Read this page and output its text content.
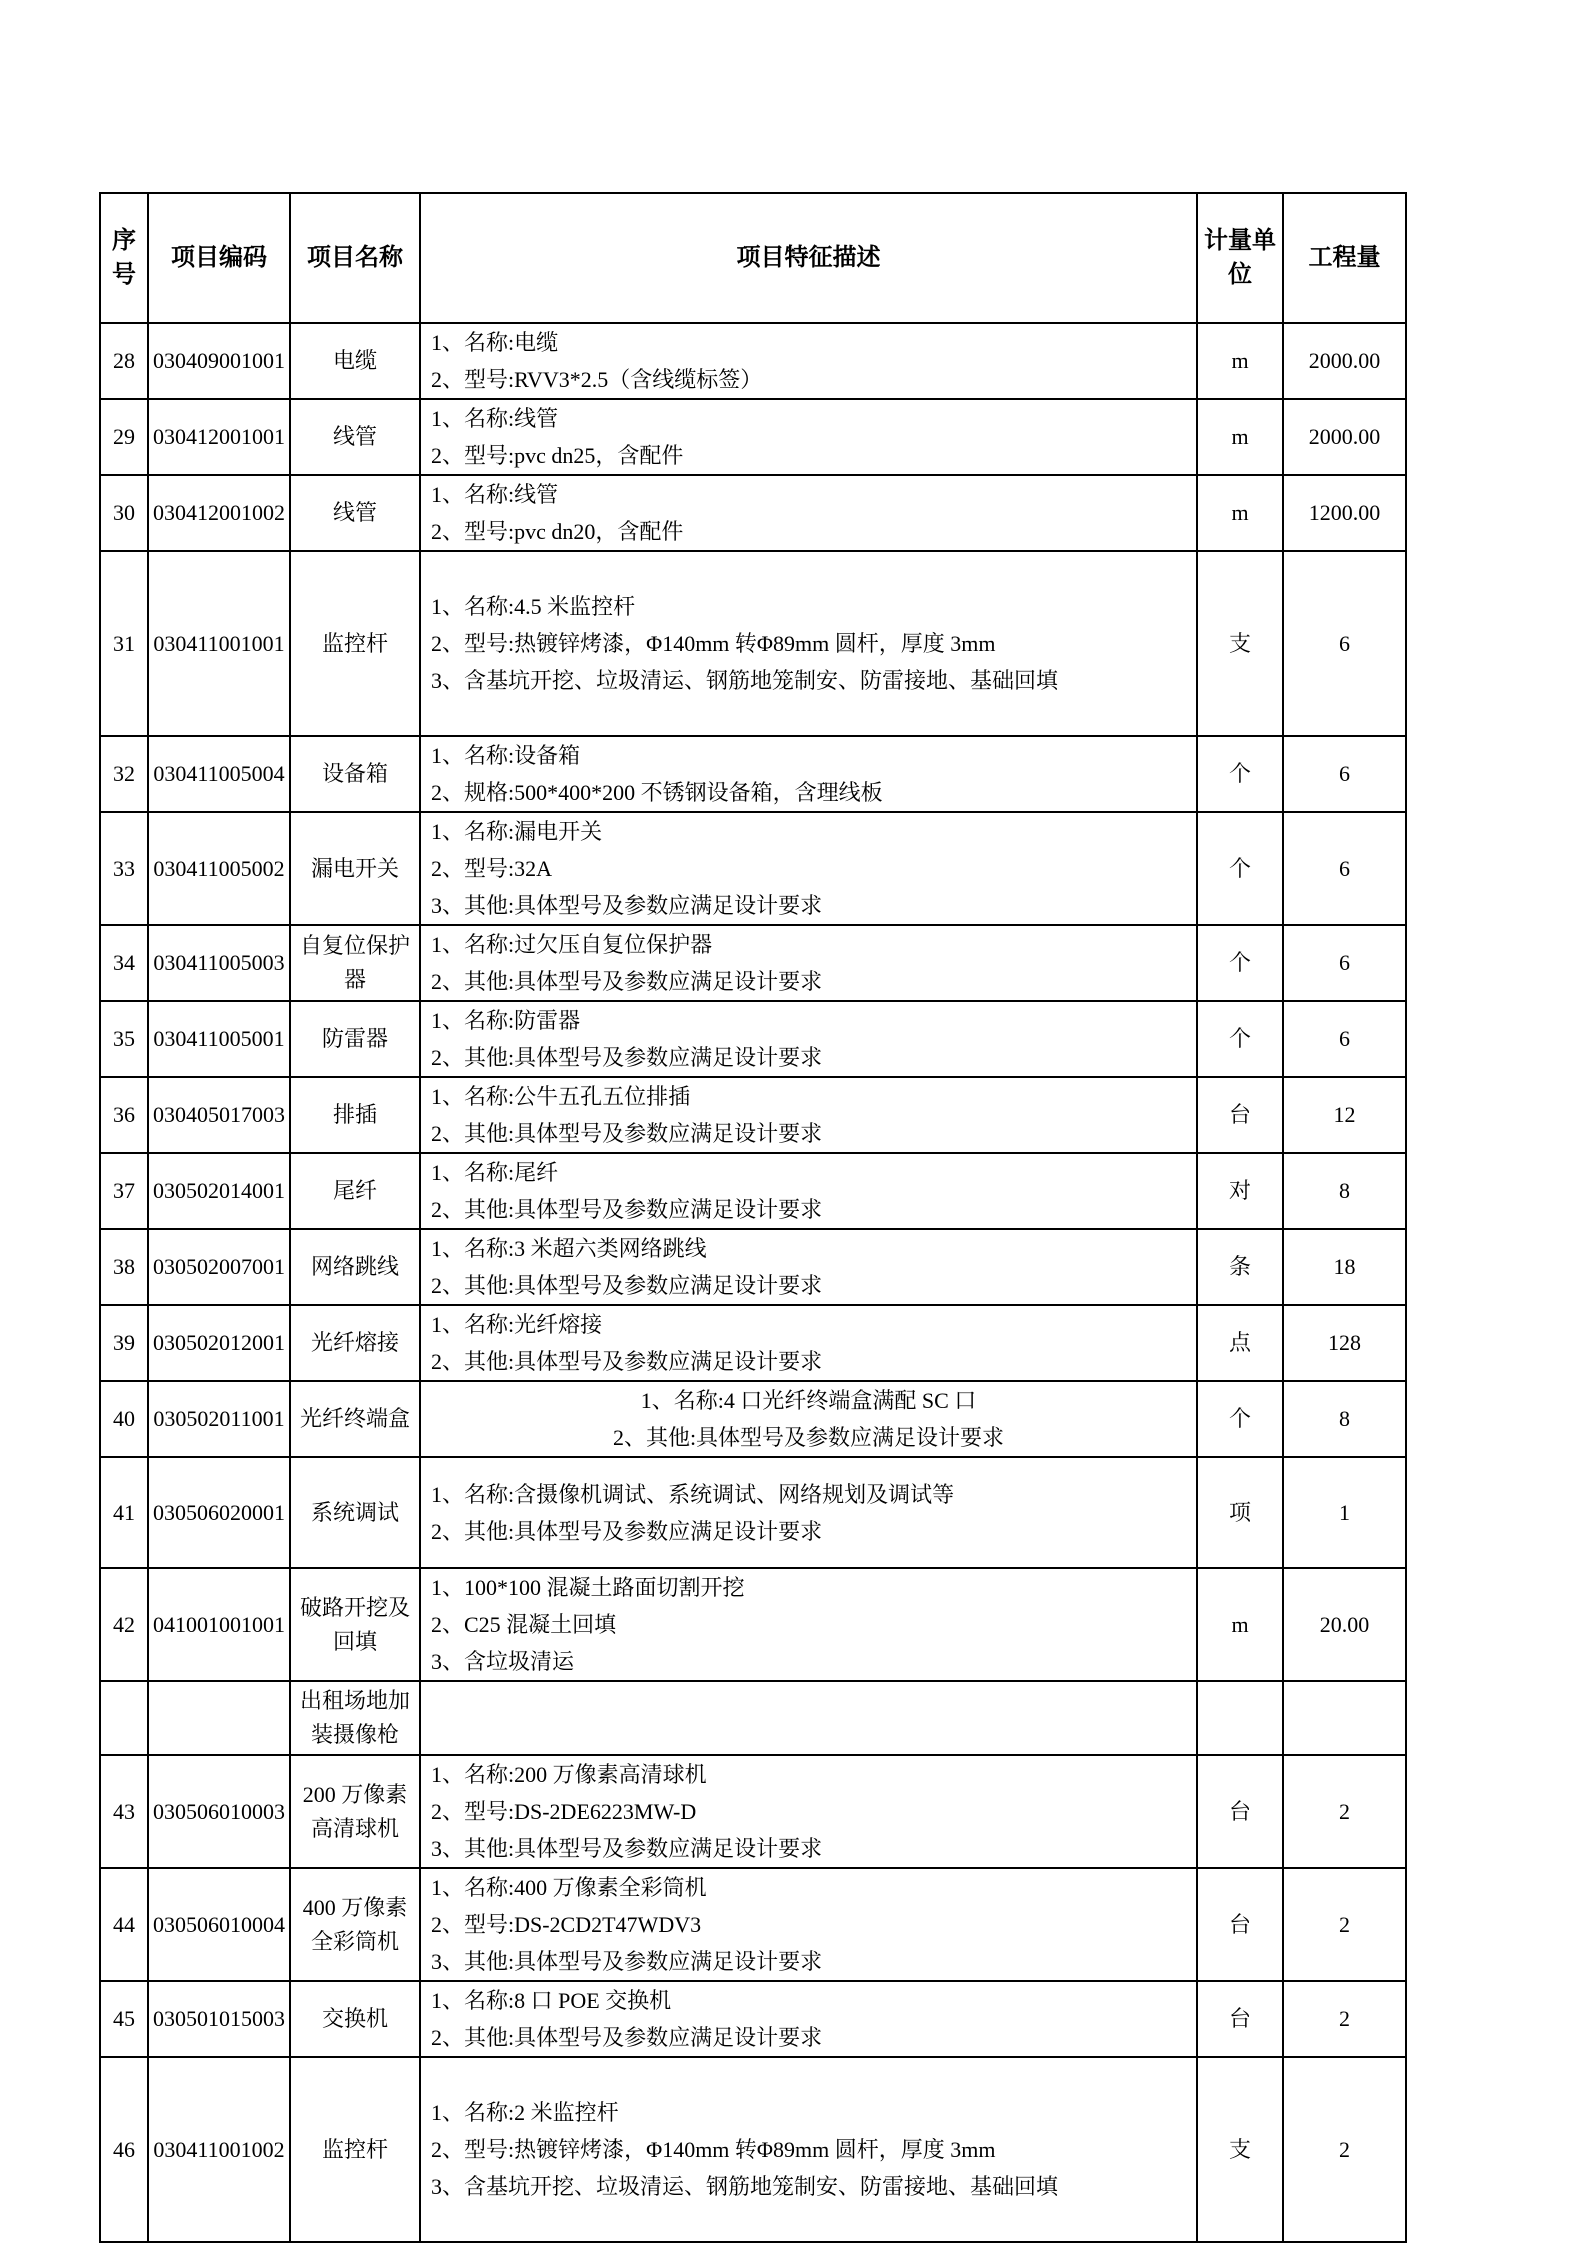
序号	项目编码	项目名称	项目特征描述	计量单位	工程量
28	030409001001	电缆	1、名称:电缆
2、型号:RVV3*2.5（含线缆标签）	m	2000.00
29	030412001001	线管	1、名称:线管
2、型号:pvc dn25，含配件	m	2000.00
30	030412001002	线管	1、名称:线管
2、型号:pvc dn20，含配件	m	1200.00
31	030411001001	监控杆	1、名称:4.5 米监控杆
2、型号:热镀锌烤漆，Φ140mm 转Φ89mm 圆杆，厚度 3mm
3、含基坑开挖、垃圾清运、钢筋地笼制安、防雷接地、基础回填	支	6
32	030411005004	设备箱	1、名称:设备箱
2、规格:500*400*200 不锈钢设备箱，含理线板	个	6
33	030411005002	漏电开关	1、名称:漏电开关
2、型号:32A
3、其他:具体型号及参数应满足设计要求	个	6
34	030411005003	自复位保护器	1、名称:过欠压自复位保护器
2、其他:具体型号及参数应满足设计要求	个	6
35	030411005001	防雷器	1、名称:防雷器
2、其他:具体型号及参数应满足设计要求	个	6
36	030405017003	排插	1、名称:公牛五孔五位排插
2、其他:具体型号及参数应满足设计要求	台	12
37	030502014001	尾纤	1、名称:尾纤
2、其他:具体型号及参数应满足设计要求	对	8
38	030502007001	网络跳线	1、名称:3 米超六类网络跳线
2、其他:具体型号及参数应满足设计要求	条	18
39	030502012001	光纤熔接	1、名称:光纤熔接
2、其他:具体型号及参数应满足设计要求	点	128
40	030502011001	光纤终端盒	1、名称:4 口光纤终端盒满配 SC 口
2、其他:具体型号及参数应满足设计要求	个	8
41	030506020001	系统调试	1、名称:含摄像机调试、系统调试、网络规划及调试等
2、其他:具体型号及参数应满足设计要求	项	1
42	041001001001	破路开挖及回填	1、100*100 混凝土路面切割开挖
2、C25 混凝土回填
3、含垃圾清运	m	20.00
		出租场地加装摄像枪			
43	030506010003	200 万像素高清球机	1、名称:200 万像素高清球机
2、型号:DS-2DE6223MW-D
3、其他:具体型号及参数应满足设计要求	台	2
44	030506010004	400 万像素全彩筒机	1、名称:400 万像素全彩筒机
2、型号:DS-2CD2T47WDV3
3、其他:具体型号及参数应满足设计要求	台	2
45	030501015003	交换机	1、名称:8 口 POE 交换机
2、其他:具体型号及参数应满足设计要求	台	2
46	030411001002	监控杆	1、名称:2 米监控杆
2、型号:热镀锌烤漆，Φ140mm 转Φ89mm 圆杆，厚度 3mm
3、含基坑开挖、垃圾清运、钢筋地笼制安、防雷接地、基础回填	支	2
